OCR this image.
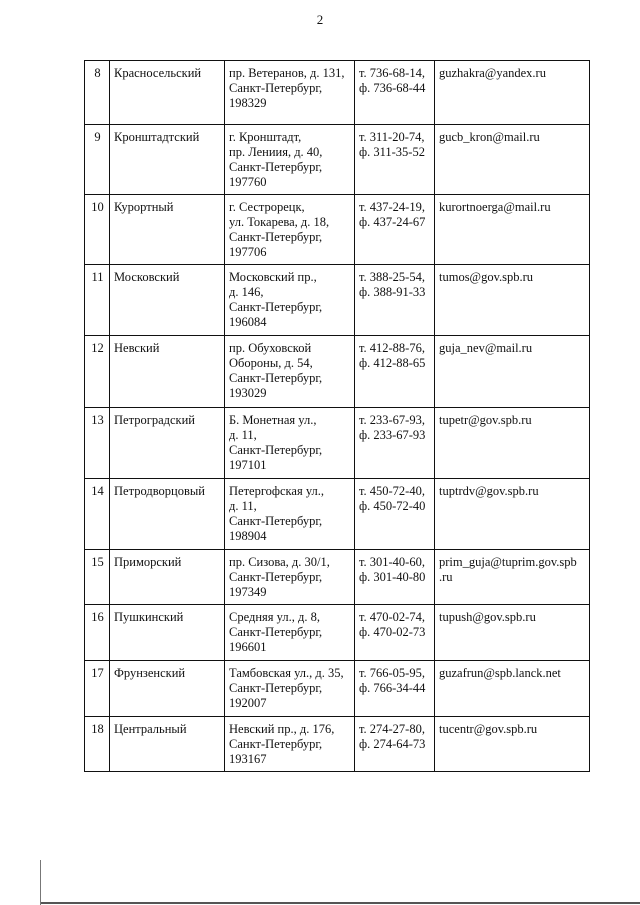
2
8	Красносельский	пр. Ветеранов, д. 131,
Санкт-Петербург,
198329	т. 736-68-14,
ф. 736-68-44	guzhakra@yandex.ru

9	Кронштадтский	г. Кронштадт,
пр. Лениия, д. 40,
Санкт-Петербург,
197760	т. 311-20-74,
ф. 311-35-52	gucb_kron@mail.ru

10	Курортный	г. Сестрорецк,
ул. Токарева, д. 18,
Санкт-Петербург,
197706	т. 437-24-19,
ф. 437-24-67	kurortnoerga@mail.ru

11	Московский	Московский пр.,
д. 146,
Санкт-Петербург,
196084	т. 388-25-54,
ф. 388-91-33	tumos@gov.spb.ru

12	Невский	пр. Обуховской
Обороны, д. 54,
Санкт-Петербург,
193029	т. 412-88-76,
ф. 412-88-65	guja_nev@mail.ru

13	Петроградский	Б. Монетная ул.,
д. 11,
Санкт-Петербург,
197101	т. 233-67-93,
ф. 233-67-93	tupetr@gov.spb.ru

14	Петродворцовый	Петергофская ул.,
д. 11,
Санкт-Петербург,
198904	т. 450-72-40,
ф. 450-72-40	tuptrdv@gov.spb.ru

15	Приморский	пр. Сизова, д. 30/1,
Санкт-Петербург,
197349	т. 301-40-60,
ф. 301-40-80	prim_guja@tuprim.gov.spb
.ru

16	Пушкинский	Средняя ул., д. 8,
Санкт-Петербург,
196601	т. 470-02-74,
ф. 470-02-73	tupush@gov.spb.ru

17	Фрунзенский	Тамбовская ул., д. 35,
Санкт-Петербург,
192007	т. 766-05-95,
ф. 766-34-44	guzafrun@spb.lanck.net

18	Центральный	Невский пр., д. 176,
Санкт-Петербург,
193167	т. 274-27-80,
ф. 274-64-73	tucentr@gov.spb.ru
